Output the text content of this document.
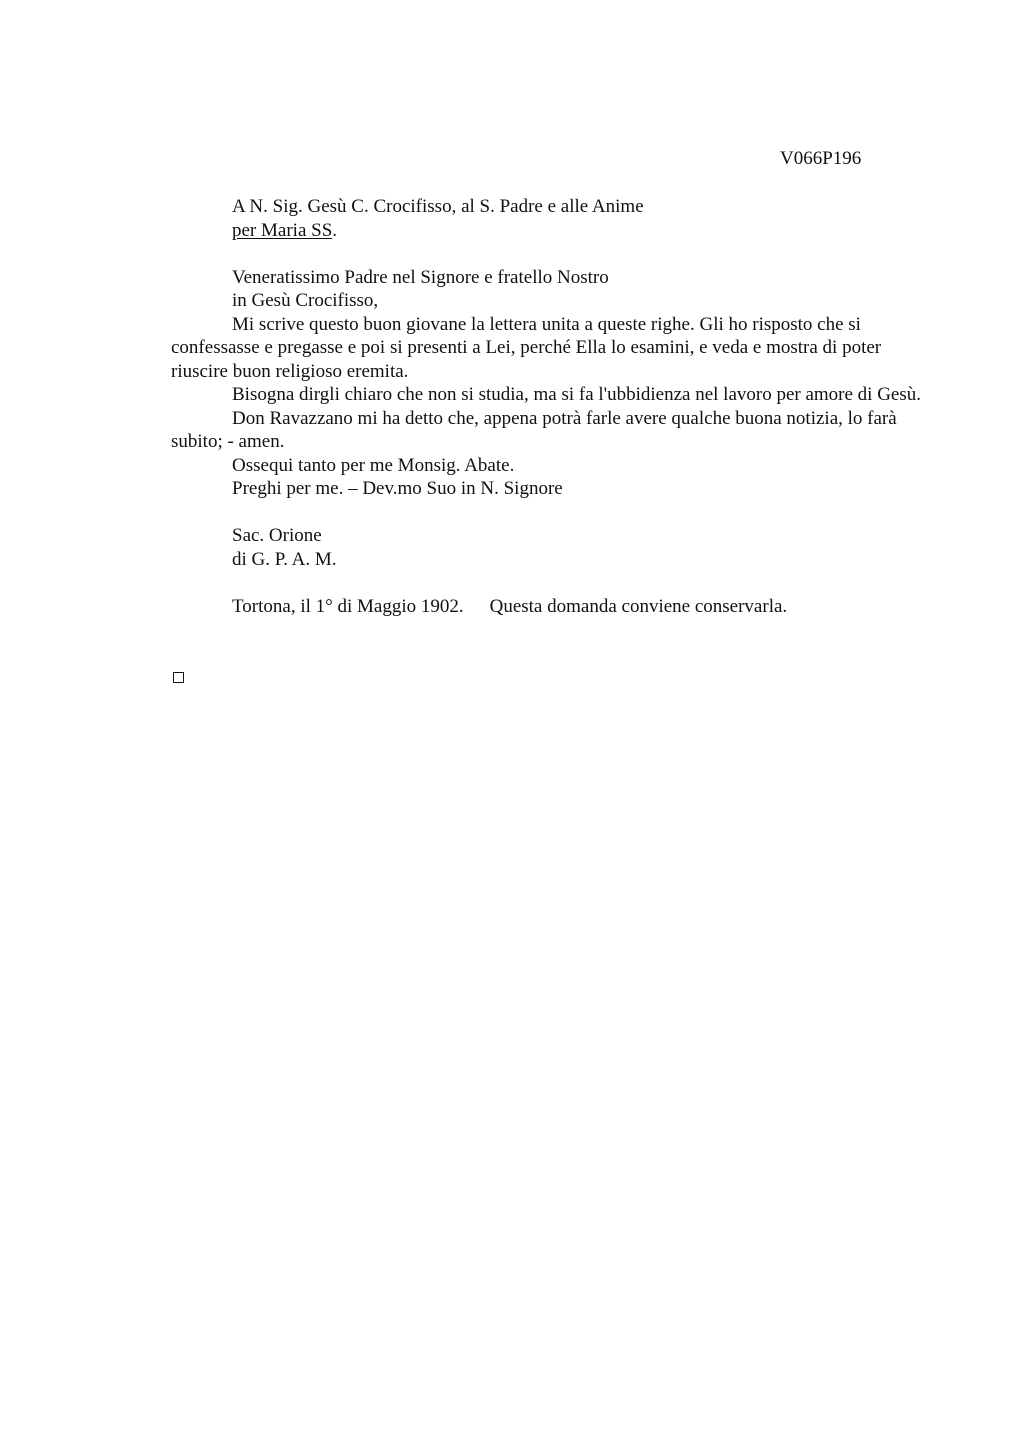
V066P196

A N. Sig. Gesù C. Crocifisso, al S. Padre e alle Anime

per Maria SS.

Veneratissimo Padre nel Signore e fratello Nostro

in Gesù Crocifisso,

Mi scrive questo buon giovane la lettera unita a queste righe. Gli ho risposto che si confessasse e pregasse e poi si presenti a Lei, perché Ella lo esamini, e veda e mostra di poter riuscire buon religioso eremita.

Bisogna dirgli chiaro che non si studia, ma si fa l'ubbidienza nel lavoro per amore di Gesù.

Don Ravazzano mi ha detto che, appena potrà farle avere qualche buona notizia, lo farà subito; - amen.

Ossequi tanto per me Monsig. Abate.

Preghi per me. – Dev.mo Suo in N. Signore

Sac. Orione

di G. P. A. M.

Tortona, il 1° di Maggio 1902. Questa domanda conviene conservarla.
